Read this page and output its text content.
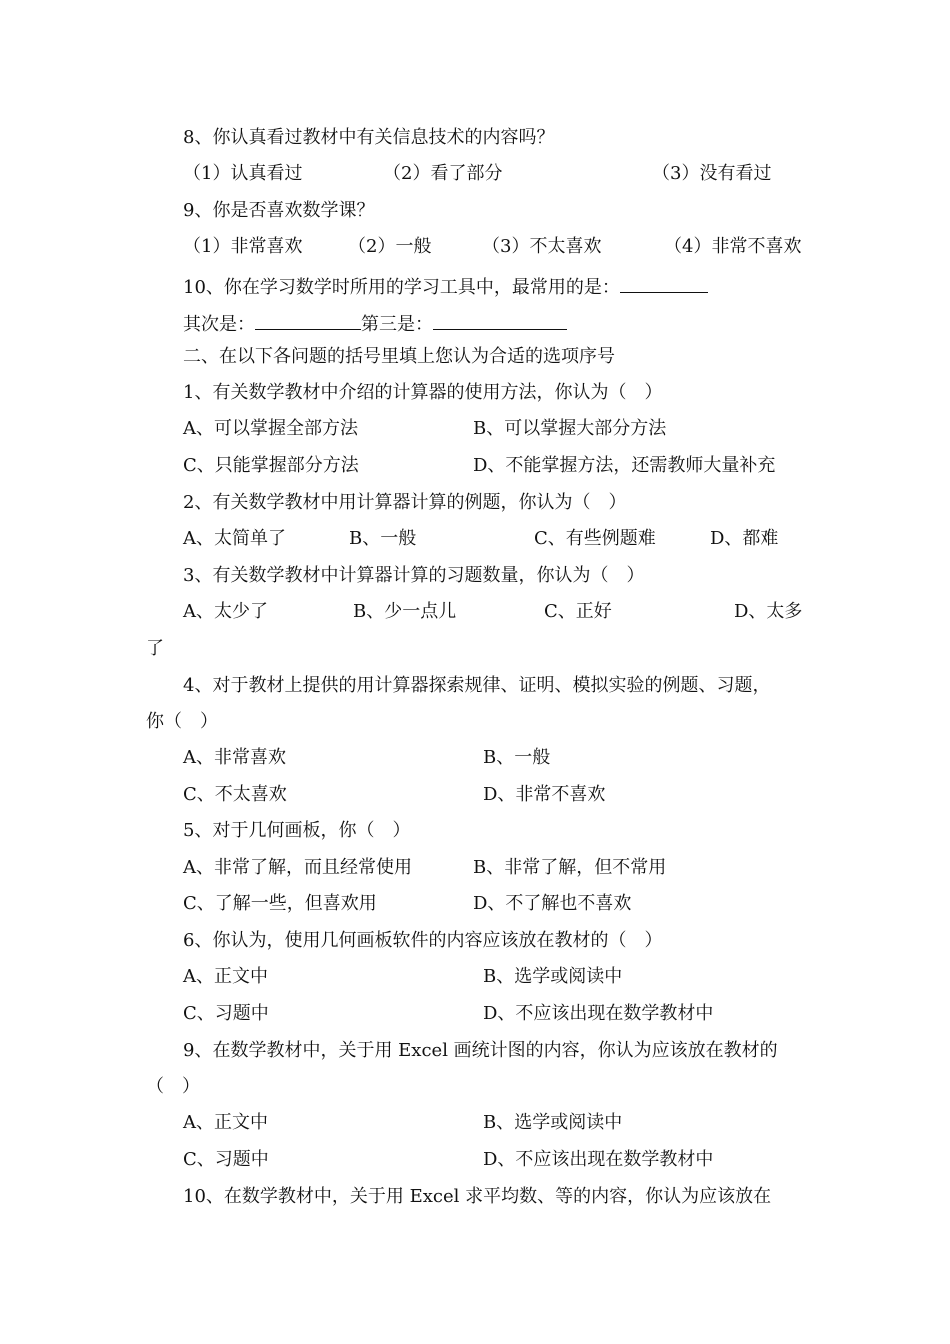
8、你认真看过教材中有关信息技术的内容吗？
（1）认真看过	（2）看了部分	（3）没有看过
9、你是否喜欢数学课？
（1）非常喜欢	（2）一般	（3）不太喜欢	（4）非常不喜欢
10、你在学习数学时所用的学习工具中，最常用的是：
其次是：	第三是：
二、在以下各问题的括号里填上您认为合适的选项序号
1、有关数学教材中介绍的计算器的使用方法，你认为（　）
A、可以掌握全部方法	B、可以掌握大部分方法
C、只能掌握部分方法	D、不能掌握方法，还需教师大量补充
2、有关数学教材中用计算器计算的例题，你认为（　）
A、太简单了	B、一般	C、有些例题难	D、都难
3、有关数学教材中计算器计算的习题数量，你认为（　）
A、太少了	B、少一点儿	C、正好	D、太多
了
4、对于教材上提供的用计算器探索规律、证明、模拟实验的例题、习题，
你（　）
A、非常喜欢	B、一般
C、不太喜欢	D、非常不喜欢
5、对于几何画板，你（　）
A、非常了解，而且经常使用	B、非常了解，但不常用
C、了解一些，但喜欢用	D、不了解也不喜欢
6、你认为，使用几何画板软件的内容应该放在教材的（　）
A、正文中	B、选学或阅读中
C、习题中	D、不应该出现在数学教材中
9、在数学教材中，关于用 Excel 画统计图的内容，你认为应该放在教材的
（　）
A、正文中	B、选学或阅读中
C、习题中	D、不应该出现在数学教材中
10、在数学教材中，关于用 Excel 求平均数、等的内容，你认为应该放在
